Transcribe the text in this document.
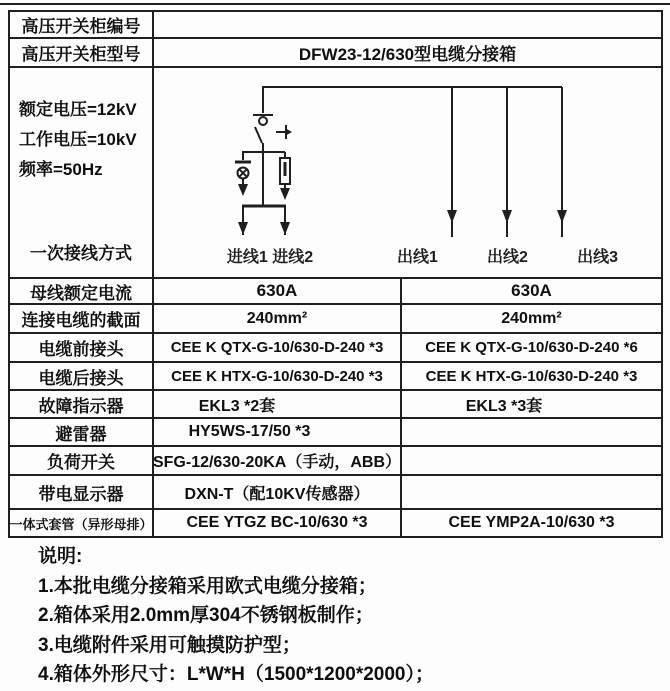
高压开关柜编号
高压开关柜型号	DFW23-12/630型电缆分接箱
额定电压=12kV
工作电压=10kV
频率=50Hz
一次接线方式	进线1 进线2	出线1	出线2	出线3
母线额定电流	630A	630A
连接电缆的截面	240mm²	240mm²
电缆前接头	CEE K QTX-G-10/630-D-240 *3	CEE K QTX-G-10/630-D-240 *6
电缆后接头	CEE K HTX-G-10/630-D-240 *3	CEE K HTX-G-10/630-D-240 *3
故障指示器	EKL3 *2套	EKL3 *3套
避雷器	HY5WS-17/50 *3
负荷开关	SFG-12/630-20KA（手动，ABB）
带电显示器	DXN-T（配10KV传感器）
一体式套管（异形母排）	CEE YTGZ BC-10/630 *3	CEE YMP2A-10/630 *3
说明:
1.本批电缆分接箱采用欧式电缆分接箱；
2.箱体采用2.0mm厚304不锈钢板制作；
3.电缆附件采用可触摸防护型；
4.箱体外形尺寸：L*W*H（1500*1200*2000）；
